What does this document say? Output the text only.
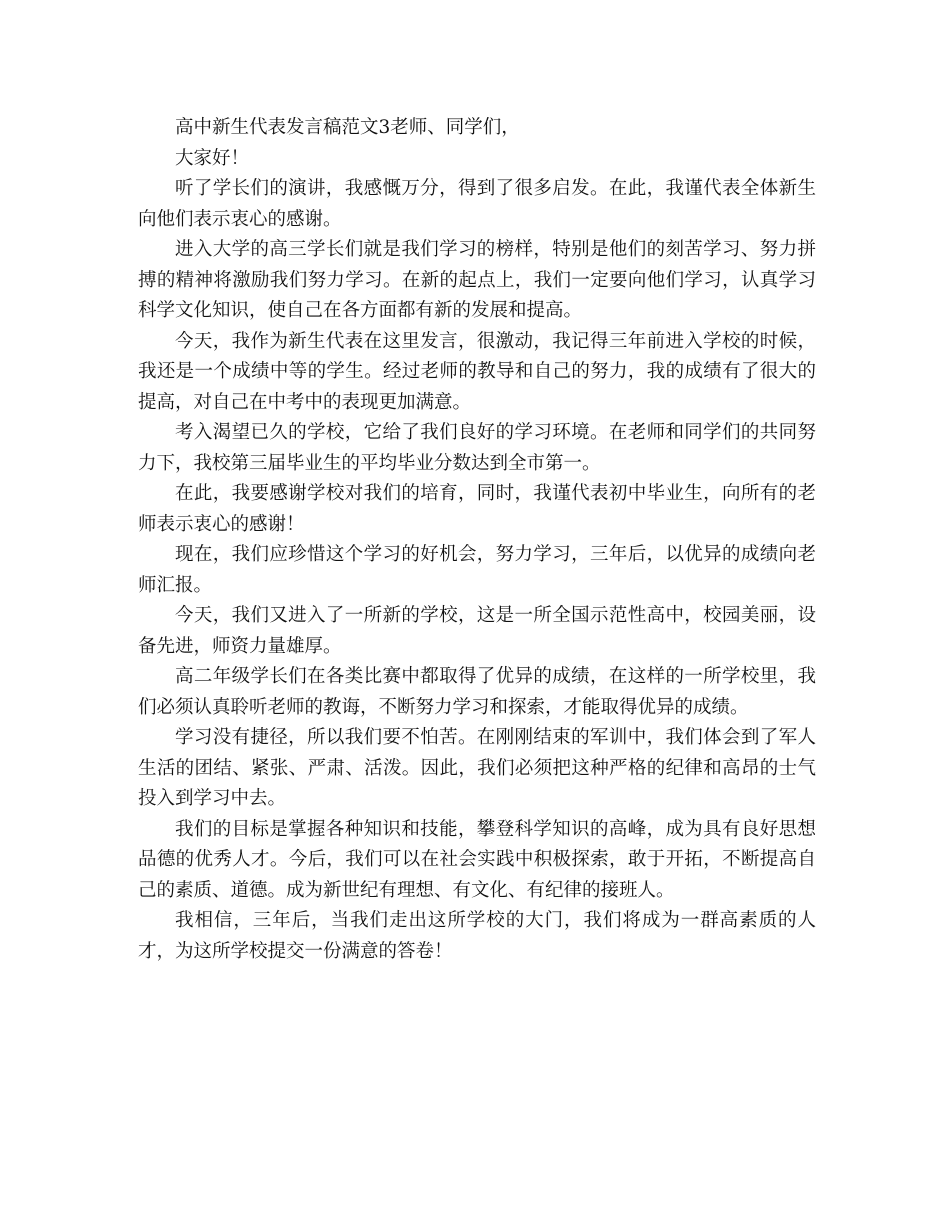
高中新生代表发言稿范文3老师、同学们，

大家好！

听了学长们的演讲，我感慨万分，得到了很多启发。在此，我谨代表全体新生向他们表示衷心的感谢。

进入大学的高三学长们就是我们学习的榜样，特别是他们的刻苦学习、努力拼搏的精神将激励我们努力学习。在新的起点上，我们一定要向他们学习，认真学习科学文化知识，使自己在各方面都有新的发展和提高。

今天，我作为新生代表在这里发言，很激动，我记得三年前进入学校的时候，我还是一个成绩中等的学生。经过老师的教导和自己的努力，我的成绩有了很大的提高，对自己在中考中的表现更加满意。

考入渴望已久的学校，它给了我们良好的学习环境。在老师和同学们的共同努力下，我校第三届毕业生的平均毕业分数达到全市第一。

在此，我要感谢学校对我们的培育，同时，我谨代表初中毕业生，向所有的老师表示衷心的感谢！

现在，我们应珍惜这个学习的好机会，努力学习，三年后，以优异的成绩向老师汇报。

今天，我们又进入了一所新的学校，这是一所全国示范性高中，校园美丽，设备先进，师资力量雄厚。

高二年级学长们在各类比赛中都取得了优异的成绩，在这样的一所学校里，我们必须认真聆听老师的教诲，不断努力学习和探索，才能取得优异的成绩。

学习没有捷径，所以我们要不怕苦。在刚刚结束的军训中，我们体会到了军人生活的团结、紧张、严肃、活泼。因此，我们必须把这种严格的纪律和高昂的士气投入到学习中去。

我们的目标是掌握各种知识和技能，攀登科学知识的高峰，成为具有良好思想品德的优秀人才。今后，我们可以在社会实践中积极探索，敢于开拓，不断提高自己的素质、道德。成为新世纪有理想、有文化、有纪律的接班人。

我相信，三年后，当我们走出这所学校的大门，我们将成为一群高素质的人才，为这所学校提交一份满意的答卷！
